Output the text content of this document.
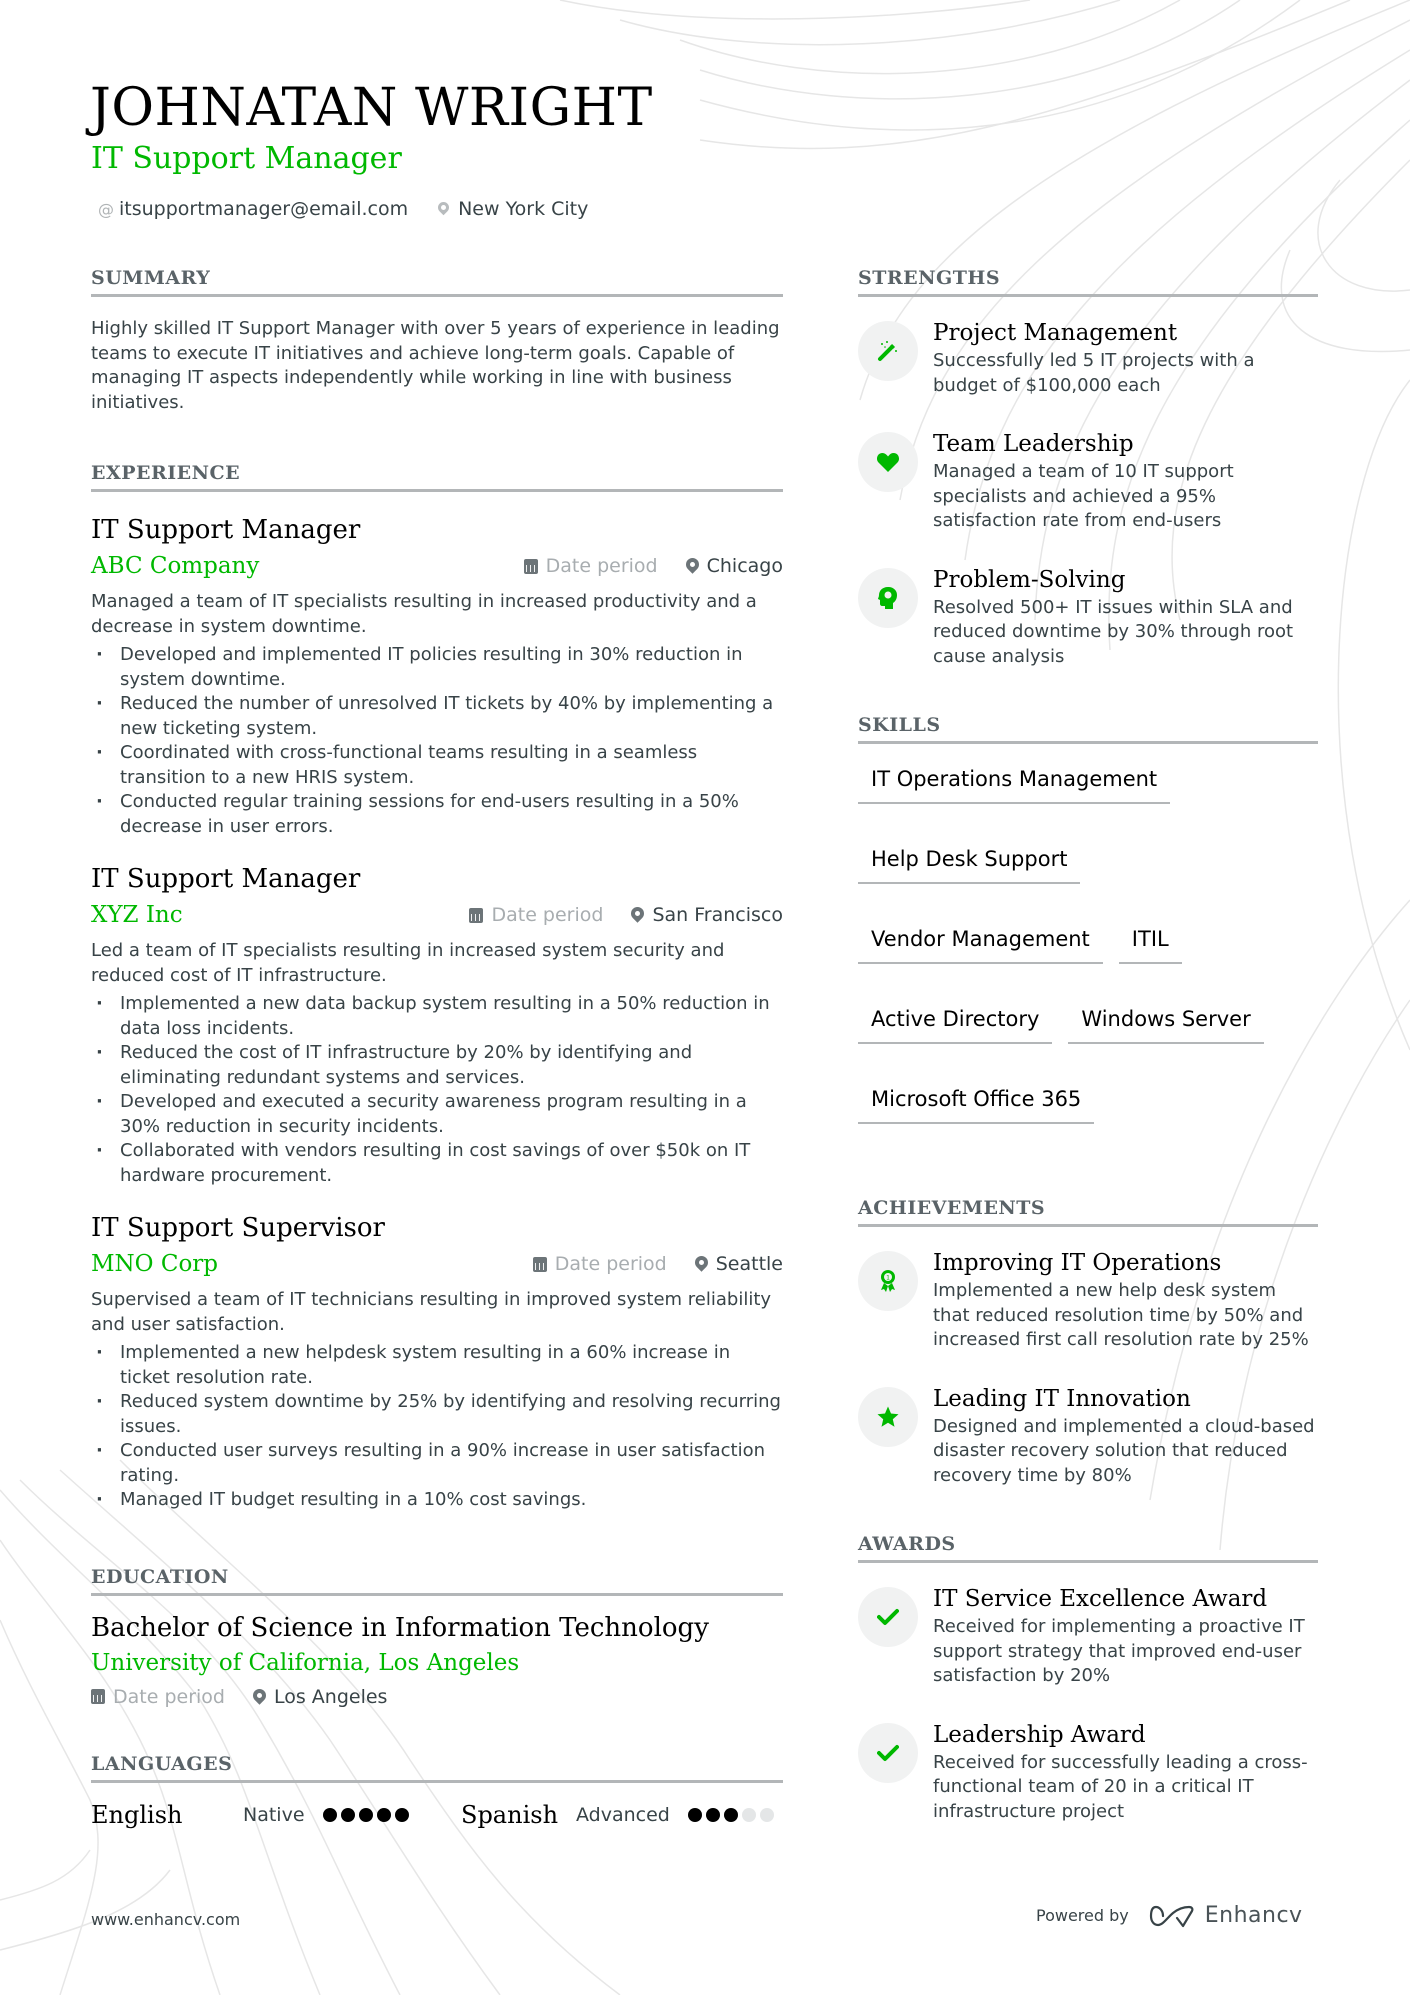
JOHNATAN WRIGHT
IT Support Manager
@ itsupportmanager@email.com	New York City
SUMMARY

Highly skilled IT Support Manager with over 5 years of experience in leading teams to execute IT initiatives and achieve long-term goals. Capable of managing IT aspects independently while working in line with business initiatives.

EXPERIENCE
IT Support Manager
ABC Company	Date period	Chicago

Managed a team of IT specialists resulting in increased productivity and a decrease in system downtime.

· Developed and implemented IT policies resulting in 30% reduction in system downtime.
· Reduced the number of unresolved IT tickets by 40% by implementing a new ticketing system.
· Coordinated with cross-functional teams resulting in a seamless transition to a new HRIS system.
· Conducted regular training sessions for end-users resulting in a 50% decrease in user errors.
IT Support Manager
XYZ Inc	Date period	San Francisco

Led a team of IT specialists resulting in increased system security and reduced cost of IT infrastructure.

· Implemented a new data backup system resulting in a 50% reduction in data loss incidents.
· Reduced the cost of IT infrastructure by 20% by identifying and eliminating redundant systems and services.
· Developed and executed a security awareness program resulting in a 30% reduction in security incidents.
· Collaborated with vendors resulting in cost savings of over $50k on IT hardware procurement.
IT Support Supervisor
MNO Corp	Date period	Seattle

Supervised a team of IT technicians resulting in improved system reliability and user satisfaction.

· Implemented a new helpdesk system resulting in a 60% increase in ticket resolution rate.
· Reduced system downtime by 25% by identifying and resolving recurring issues.
· Conducted user surveys resulting in a 90% increase in user satisfaction rating.
· Managed IT budget resulting in a 10% cost savings.
EDUCATION
Bachelor of Science in Information Technology
University of California, Los Angeles
Date period	Los Angeles
LANGUAGES
English	Native	Spanish Advanced
STRENGTHS
Project Management
Successfully led 5 IT projects with a budget of $100,000 each
Team Leadership
Managed a team of 10 IT support specialists and achieved a 95% satisfaction rate from end-users
Problem-Solving
Resolved 500+ IT issues within SLA and reduced downtime by 30% through root cause analysis
SKILLS
IT Operations Management
Help Desk Support
Vendor Management	ITIL
Active Directory	Windows Server
Microsoft Office 365
ACHIEVEMENTS
1
Improving IT Operations
Implemented a new help desk system that reduced resolution time by 50% and increased first call resolution rate by 25%
Leading IT Innovation
Designed and implemented a cloud-based disaster recovery solution that reduced recovery time by 80%
AWARDS
IT Service Excellence Award
Received for implementing a proactive IT support strategy that improved end-user satisfaction by 20%
Leadership Award
Received for successfully leading a cross-functional team of 20 in a critical IT infrastructure project
www.enhancv.com	Powered by	Enhancv
